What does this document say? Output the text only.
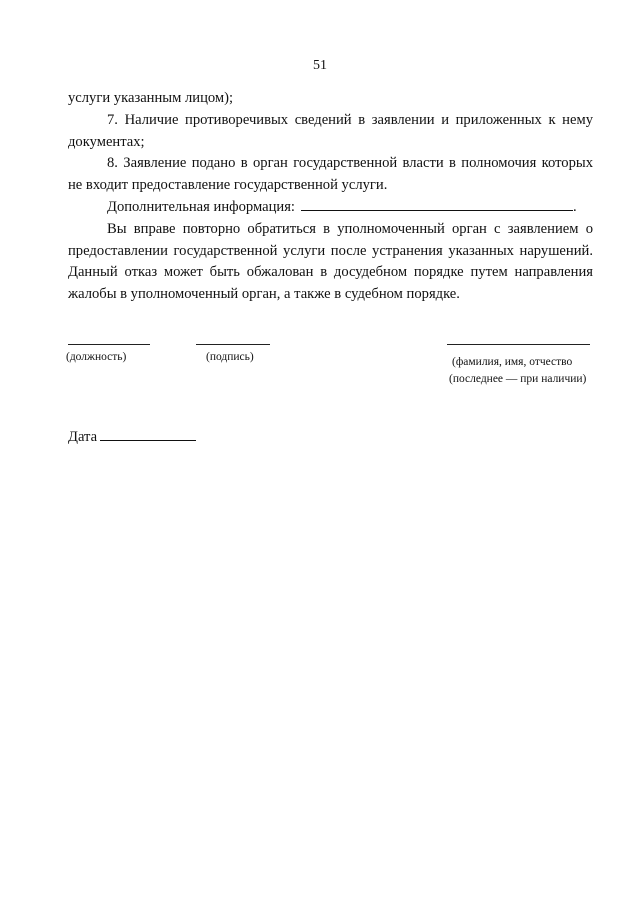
51

услуги указанным лицом);

7. Наличие противоречивых сведений в заявлении и приложенных к нему документах;

8. Заявление подано в орган государственной власти в полномочия которых не входит предоставление государственной услуги.

Дополнительная информация:	.

Вы вправе повторно обратиться в уполномоченный орган с заявлением о предоставлении государственной услуги после устранения указанных нарушений. Данный отказ может быть обжалован в досудебном порядке путем направления жалобы в уполномоченный орган, а также в судебном порядке.

(должность)	(подпись)	(фамилия, имя, отчество
(последнее — при наличии)
Дата
